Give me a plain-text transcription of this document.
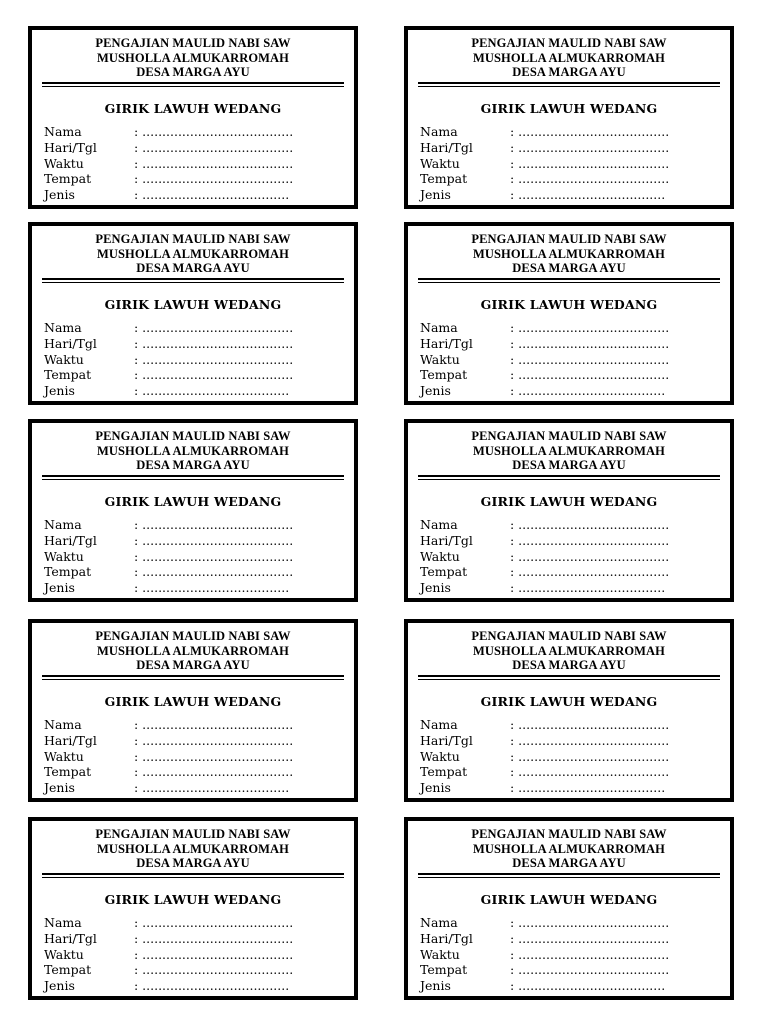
PENGAJIAN MAULID NABI SAW
MUSHOLLA ALMUKARROMAH
DESA MARGA AYU
GIRIK LAWUH WEDANG
Nama	: ......................................
Hari/Tgl	: ......................................
Waktu	: ......................................
Tempat	: ......................................
Jenis	: .....................................
PENGAJIAN MAULID NABI SAW
MUSHOLLA ALMUKARROMAH
DESA MARGA AYU
GIRIK LAWUH WEDANG
Nama	: ......................................
Hari/Tgl	: ......................................
Waktu	: ......................................
Tempat	: ......................................
Jenis	: .....................................
PENGAJIAN MAULID NABI SAW
MUSHOLLA ALMUKARROMAH
DESA MARGA AYU
GIRIK LAWUH WEDANG
Nama	: ......................................
Hari/Tgl	: ......................................
Waktu	: ......................................
Tempat	: ......................................
Jenis	: .....................................
PENGAJIAN MAULID NABI SAW
MUSHOLLA ALMUKARROMAH
DESA MARGA AYU
GIRIK LAWUH WEDANG
Nama	: ......................................
Hari/Tgl	: ......................................
Waktu	: ......................................
Tempat	: ......................................
Jenis	: .....................................
PENGAJIAN MAULID NABI SAW
MUSHOLLA ALMUKARROMAH
DESA MARGA AYU
GIRIK LAWUH WEDANG
Nama	: ......................................
Hari/Tgl	: ......................................
Waktu	: ......................................
Tempat	: ......................................
Jenis	: .....................................
PENGAJIAN MAULID NABI SAW
MUSHOLLA ALMUKARROMAH
DESA MARGA AYU
GIRIK LAWUH WEDANG
Nama	: ......................................
Hari/Tgl	: ......................................
Waktu	: ......................................
Tempat	: ......................................
Jenis	: .....................................
PENGAJIAN MAULID NABI SAW
MUSHOLLA ALMUKARROMAH
DESA MARGA AYU
GIRIK LAWUH WEDANG
Nama	: ......................................
Hari/Tgl	: ......................................
Waktu	: ......................................
Tempat	: ......................................
Jenis	: .....................................
PENGAJIAN MAULID NABI SAW
MUSHOLLA ALMUKARROMAH
DESA MARGA AYU
GIRIK LAWUH WEDANG
Nama	: ......................................
Hari/Tgl	: ......................................
Waktu	: ......................................
Tempat	: ......................................
Jenis	: .....................................
PENGAJIAN MAULID NABI SAW
MUSHOLLA ALMUKARROMAH
DESA MARGA AYU
GIRIK LAWUH WEDANG
Nama	: ......................................
Hari/Tgl	: ......................................
Waktu	: ......................................
Tempat	: ......................................
Jenis	: .....................................
PENGAJIAN MAULID NABI SAW
MUSHOLLA ALMUKARROMAH
DESA MARGA AYU
GIRIK LAWUH WEDANG
Nama	: ......................................
Hari/Tgl	: ......................................
Waktu	: ......................................
Tempat	: ......................................
Jenis	: .....................................
